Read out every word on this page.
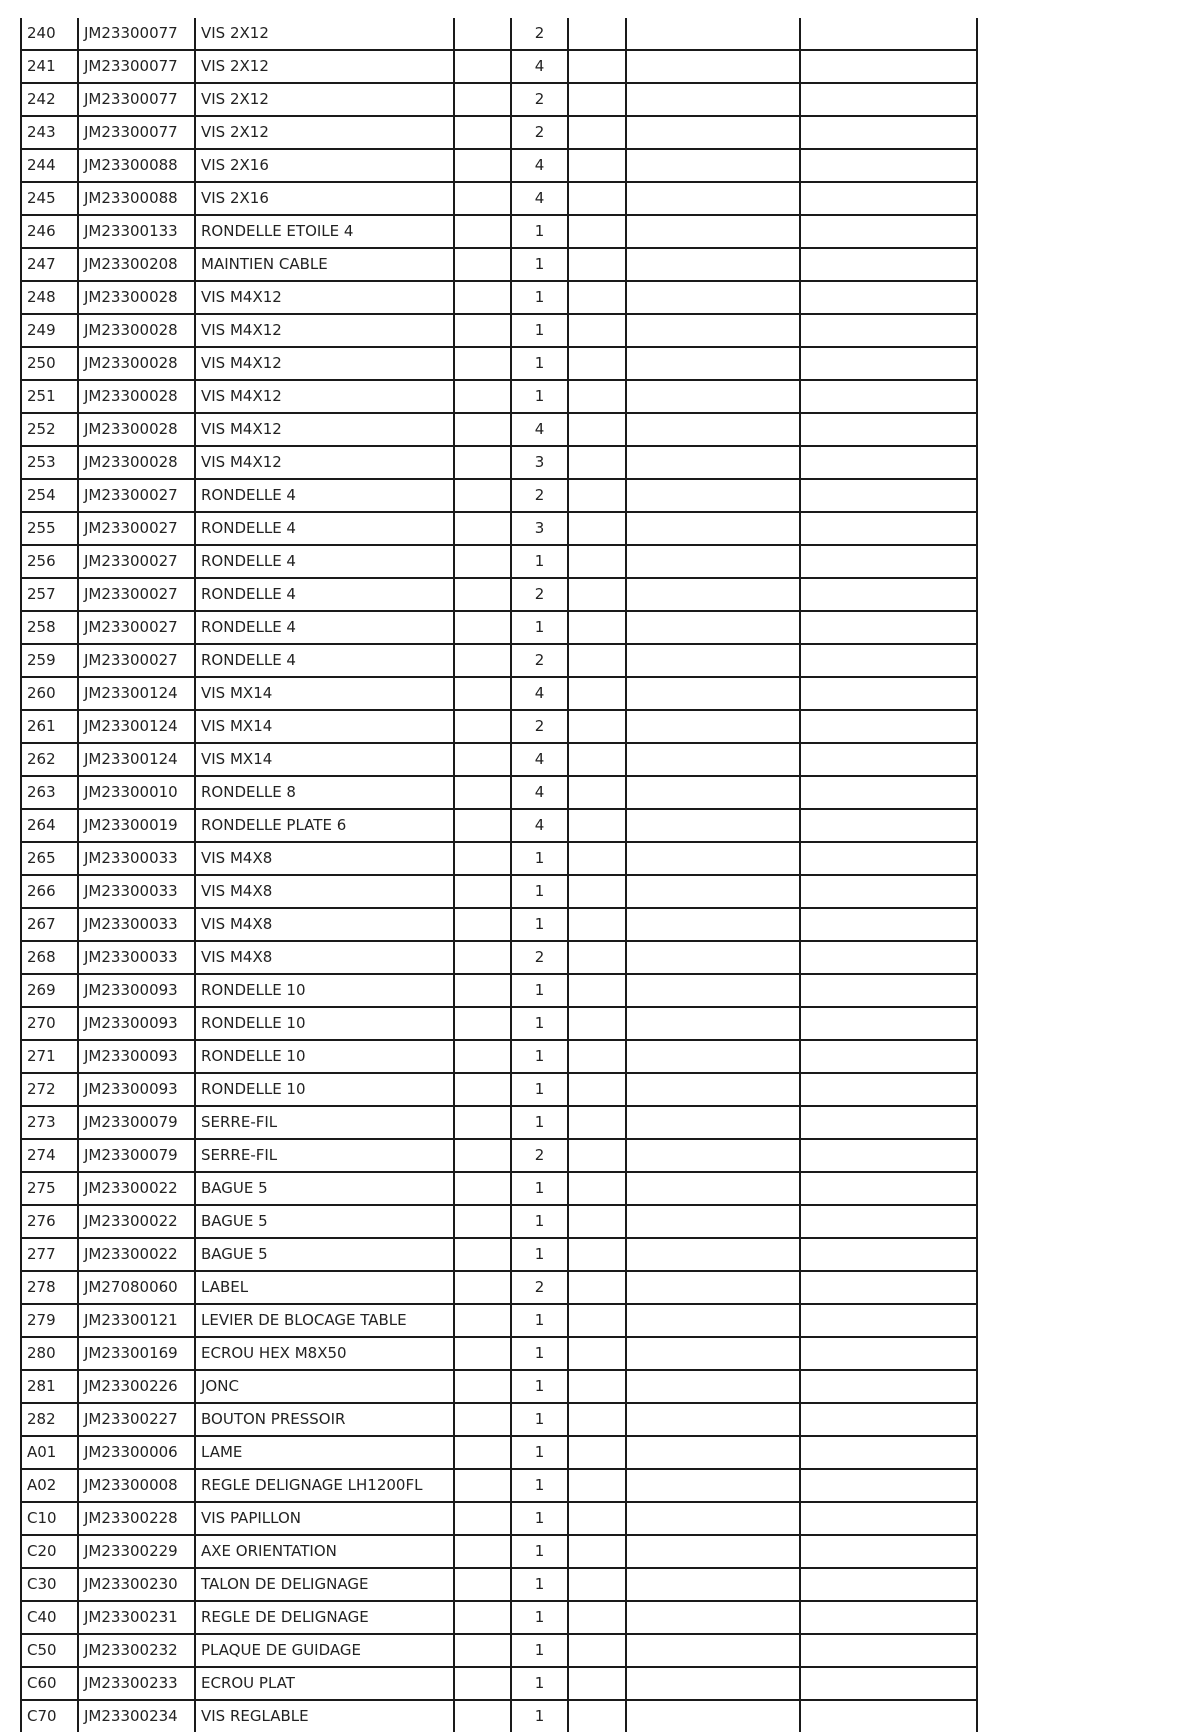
240	JM23300077	VIS 2X12		2			
241	JM23300077	VIS 2X12		4			
242	JM23300077	VIS 2X12		2			
243	JM23300077	VIS 2X12		2			
244	JM23300088	VIS 2X16		4			
245	JM23300088	VIS 2X16		4			
246	JM23300133	RONDELLE ETOILE 4		1			
247	JM23300208	MAINTIEN CABLE		1			
248	JM23300028	VIS M4X12		1			
249	JM23300028	VIS M4X12		1			
250	JM23300028	VIS M4X12		1			
251	JM23300028	VIS M4X12		1			
252	JM23300028	VIS M4X12		4			
253	JM23300028	VIS M4X12		3			
254	JM23300027	RONDELLE 4		2			
255	JM23300027	RONDELLE 4		3			
256	JM23300027	RONDELLE 4		1			
257	JM23300027	RONDELLE 4		2			
258	JM23300027	RONDELLE 4		1			
259	JM23300027	RONDELLE 4		2			
260	JM23300124	VIS MX14		4			
261	JM23300124	VIS MX14		2			
262	JM23300124	VIS MX14		4			
263	JM23300010	RONDELLE 8		4			
264	JM23300019	RONDELLE PLATE 6		4			
265	JM23300033	VIS M4X8		1			
266	JM23300033	VIS M4X8		1			
267	JM23300033	VIS M4X8		1			
268	JM23300033	VIS M4X8		2			
269	JM23300093	RONDELLE 10		1			
270	JM23300093	RONDELLE 10		1			
271	JM23300093	RONDELLE 10		1			
272	JM23300093	RONDELLE 10		1			
273	JM23300079	SERRE-FIL		1			
274	JM23300079	SERRE-FIL		2			
275	JM23300022	BAGUE 5		1			
276	JM23300022	BAGUE 5		1			
277	JM23300022	BAGUE 5		1			
278	JM27080060	LABEL		2			
279	JM23300121	LEVIER DE BLOCAGE TABLE		1			
280	JM23300169	ECROU HEX M8X50		1			
281	JM23300226	JONC		1			
282	JM23300227	BOUTON PRESSOIR		1			
A01	JM23300006	LAME		1			
A02	JM23300008	REGLE DELIGNAGE LH1200FL		1			
C10	JM23300228	VIS PAPILLON		1			
C20	JM23300229	AXE ORIENTATION		1			
C30	JM23300230	TALON DE DELIGNAGE		1			
C40	JM23300231	REGLE DE DELIGNAGE		1			
C50	JM23300232	PLAQUE DE GUIDAGE		1			
C60	JM23300233	ECROU PLAT		1			
C70	JM23300234	VIS REGLABLE		1			
